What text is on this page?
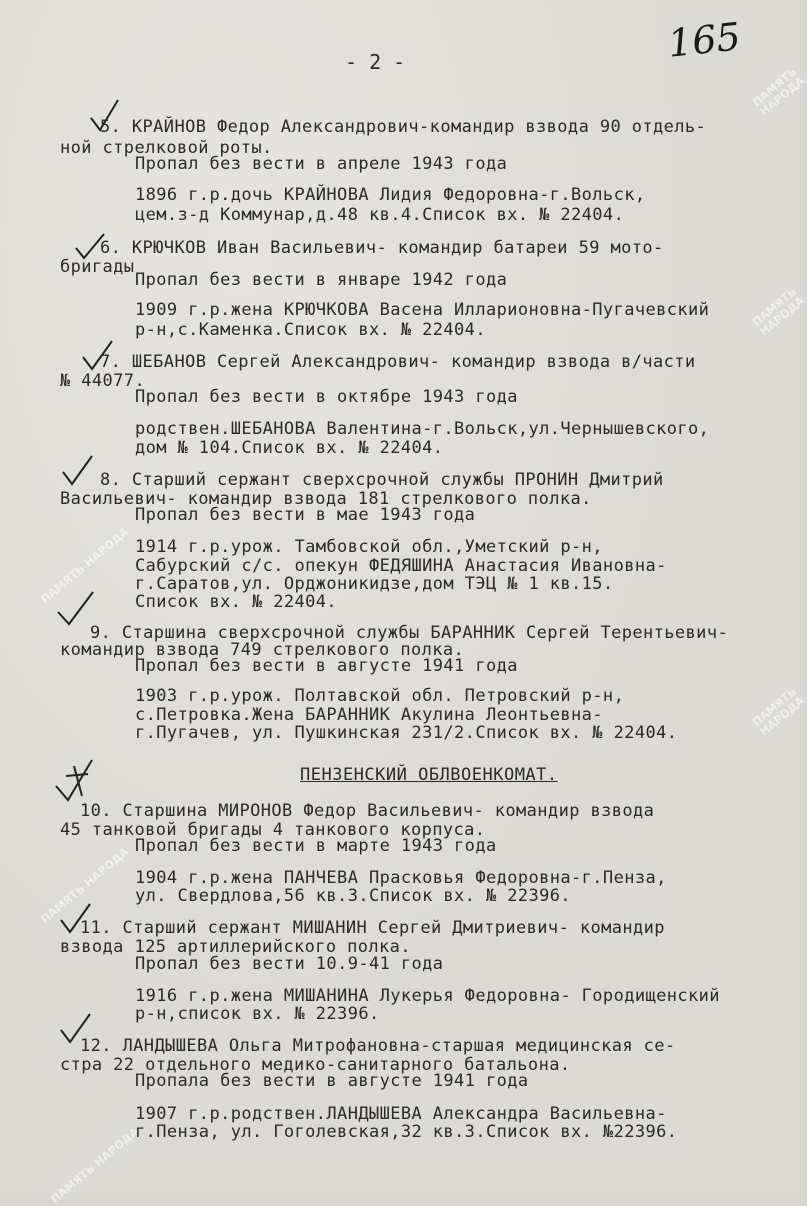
ПАМЯТЬ НАРОДА
ПАМЯТЬ НАРОДА
ПАМЯТЬ НАРОДА
ПАМЯТЬ НАРОДА
ПАМЯТЬ НАРОДА
ПАМЯТЬ НАРОДА
- 2 -	165
5. КРАЙНОВ Федор Александрович-командир взвода 90 отдель-
ной стрелковой роты.
Пропал без вести в апреле 1943 года
1896 г.р.дочь КРАЙНОВА Лидия Федоровна-г.Вольск,
цем.з-д Коммунар,д.48 кв.4.Список вх. № 22404.
6. КРЮЧКОВ Иван Васильевич- командир батареи 59 мото-
бригады
Пропал без вести в январе 1942 года
1909 г.р.жена КРЮЧКОВА Васена Илларионовна-Пугачевский
р-н,с.Каменка.Список вх. № 22404.
7. ШЕБАНОВ Сергей Александрович- командир взвода в/части
№ 44077.
Пропал без вести в октябре 1943 года
родствен.ШЕБАНОВА Валентина-г.Вольск,ул.Чернышевского,
дом № 104.Список вх. № 22404.
8. Старший сержант сверхсрочной службы ПРОНИН Дмитрий
Васильевич- командир взвода 181 стрелкового полка.
Пропал без вести в мае 1943 года
1914 г.р.урож. Тамбовской обл.,Уметский р-н,
Сабурский с/с. опекун ФЕДЯШИНА Анастасия Ивановна-
г.Саратов,ул. Орджоникидзе,дом ТЭЦ № 1 кв.15.
Список вх. № 22404.
9. Старшина сверхсрочной службы БАРАННИК Сергей Терентьевич-
командир взвода 749 стрелкового полка.
Пропал без вести в августе 1941 года
1903 г.р.урож. Полтавской обл. Петровский р-н,
с.Петровка.Жена БАРАННИК Акулина Леонтьевна-
г.Пугачев, ул. Пушкинская 231/2.Список вх. № 22404.
ПЕНЗЕНСКИЙ ОБЛВОЕНКОМАТ.
10. Старшина МИРОНОВ Федор Васильевич- командир взвода
45 танковой бригады 4 танкового корпуса.
Пропал без вести в марте 1943 года
1904 г.р.жена ПАНЧЕВА Прасковья Федоровна-г.Пенза,
ул. Свердлова,56 кв.3.Список вх. № 22396.
11. Старший сержант МИШАНИН Сергей Дмитриевич- командир
взвода 125 артиллерийского полка.
Пропал без вести 10.9-41 года
1916 г.р.жена МИШАНИНА Лукерья Федоровна- Городищенский
р-н,список вх. № 22396.
12. ЛАНДЫШЕВА Ольга Митрофановна-старшая медицинская се-
стра 22 отдельного медико-санитарного батальона.
Пропала без вести в августе 1941 года
1907 г.р.родствен.ЛАНДЫШЕВА Александра Васильевна-
г.Пенза, ул. Гоголевская,32 кв.3.Список вх. №22396.
